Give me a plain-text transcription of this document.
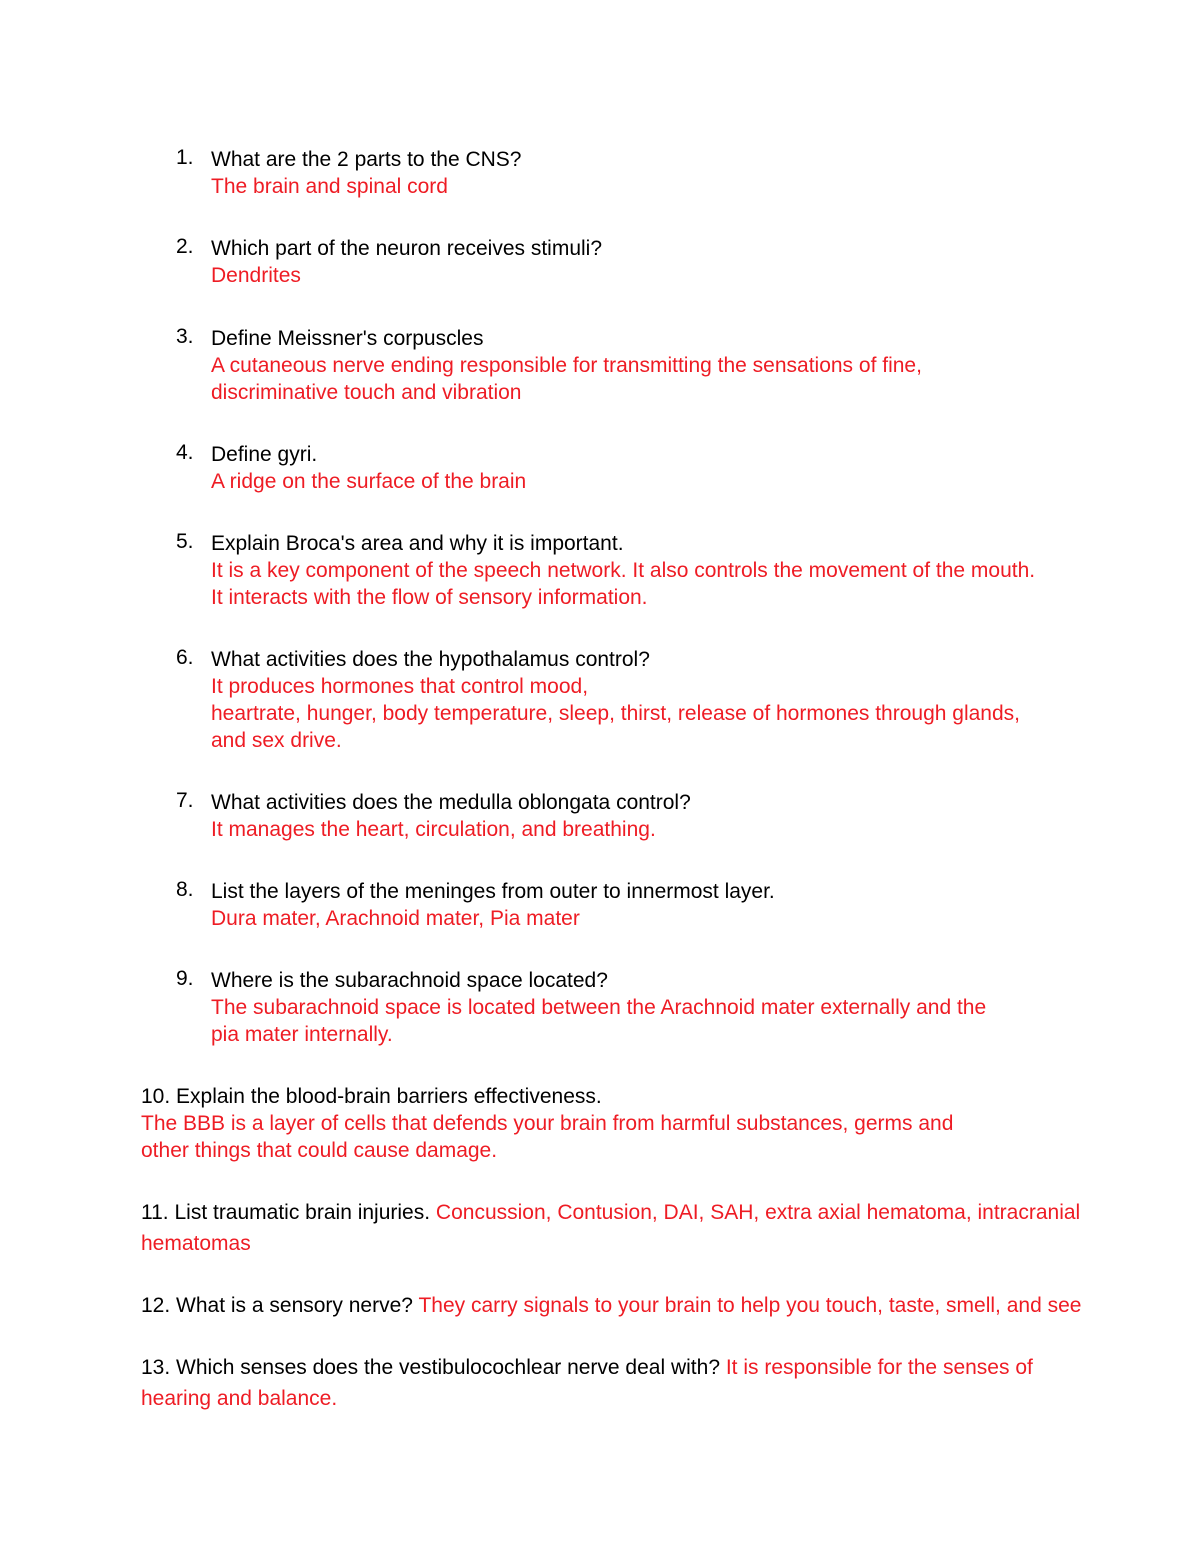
1. What are the 2 parts to the CNS?
The brain and spinal cord
2. Which part of the neuron receives stimuli?
Dendrites
3. Define Meissner's corpuscles
A cutaneous nerve ending responsible for transmitting the sensations of fine,
discriminative touch and vibration
4. Define gyri.
A ridge on the surface of the brain
5. Explain Broca's area and why it is important.
It is a key component of the speech network. It also controls the movement of the mouth.
It interacts with the flow of sensory information.
6. What activities does the hypothalamus control?
It produces hormones that control mood,
heartrate, hunger, body temperature, sleep, thirst, release of hormones through glands,
and sex drive.
7. What activities does the medulla oblongata control?
It manages the heart, circulation, and breathing.
8. List the layers of the meninges from outer to innermost layer.
Dura mater, Arachnoid mater, Pia mater
9. Where is the subarachnoid space located?
The subarachnoid space is located between the Arachnoid mater externally and the
pia mater internally.
10. Explain the blood-brain barriers effectiveness.
The BBB is a layer of cells that defends your brain from harmful substances, germs and
other things that could cause damage.
11. List traumatic brain injuries. Concussion, Contusion, DAI, SAH, extra axial hematoma, intracranial
hematomas
12. What is a sensory nerve? They carry signals to your brain to help you touch, taste, smell, and see
13. Which senses does the vestibulocochlear nerve deal with? It is responsible for the senses of
hearing and balance.
